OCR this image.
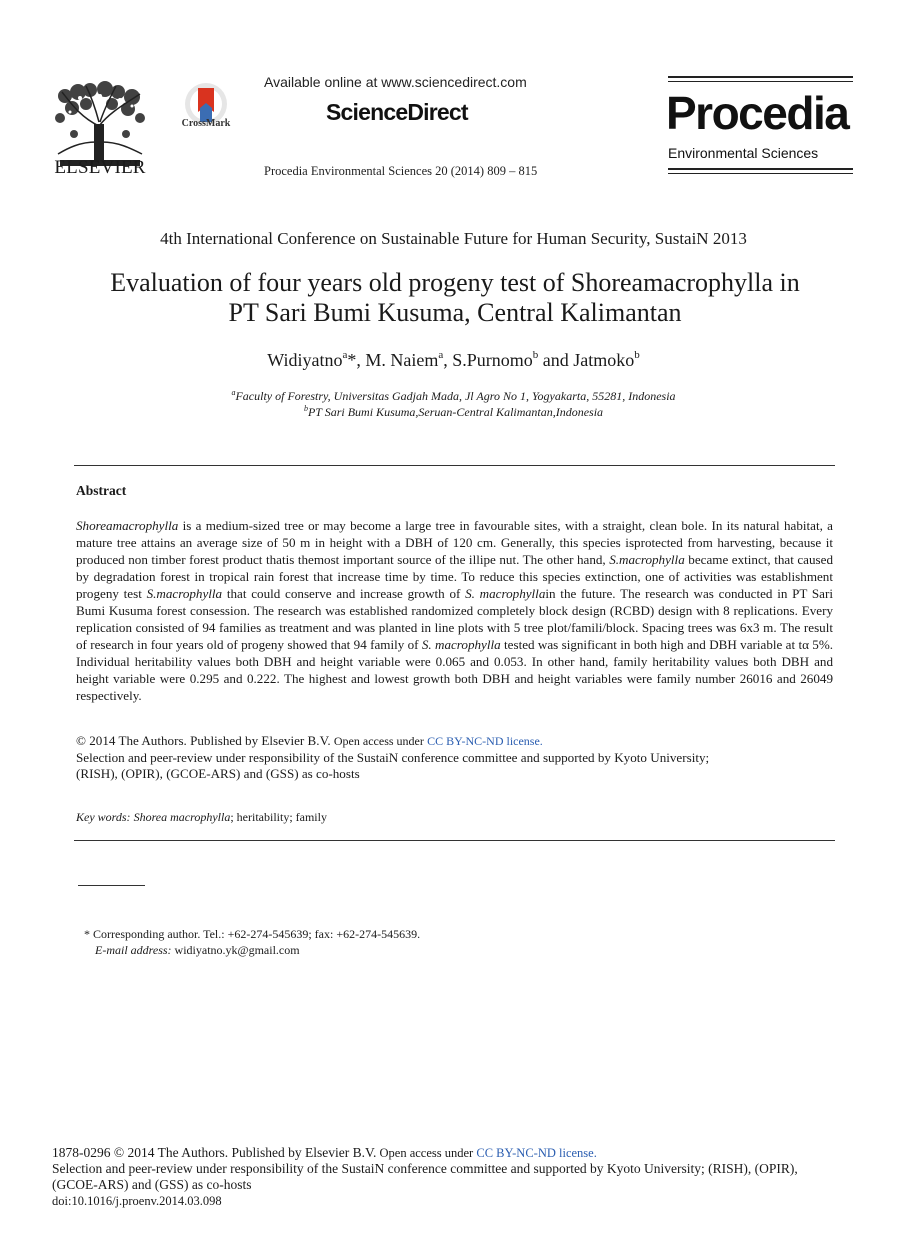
ELSEVIER
CrossMark
Available online at www.sciencedirect.com
ScienceDirect
Procedia Environmental Sciences 20 (2014) 809 – 815
Procedia
Environmental Sciences
4th International Conference on Sustainable Future for Human Security, SustaiN 2013
Evaluation of four years old progeny test of Shoreamacrophylla in
PT Sari Bumi Kusuma, Central Kalimantan
Widiyatno$^a$*, M. Naiem$^a$, S.Purnomo$^b$ and Jatmoko$^b$
$^a$Faculty of Forestry, Universitas Gadjah Mada, Jl Agro No 1, Yogyakarta, 55281, Indonesia
$^b$PT Sari Bumi Kusuma,Seruan-Central Kalimantan,Indonesia
Abstract
Shoreamacrophylla is a medium-sized tree or may become a large tree in favourable sites, with a straight, clean bole. In its natural habitat, a mature tree attains an average size of 50 m in height with a DBH of 120 cm. Generally, this species isprotected from harvesting, because it produced non timber forest product thatis themost important source of the illipe nut. The other hand, S.macrophylla became extinct, that caused by degradation forest in tropical rain forest that increase time by time. To reduce this species extinction, one of activities was establishment progeny test S.macrophylla that could conserve and increase growth of S. macrophyllain the future. The research was conducted in PT Sari Bumi Kusuma forest consession. The research was established randomized completely block design (RCBD) design with 8 replications. Every replication consisted of 94 families as treatment and was planted in line plots with 5 tree plot/famili/block. Spacing trees was 6x3 m. The result of research in four years old of progeny showed that 94 family of S. macrophylla tested was significant in both high and DBH variable at tα 5%. Individual heritability values both DBH and height variable were 0.065 and 0.053. In other hand, family heritability values both DBH and height variable were 0.295 and 0.222. The highest and lowest growth both DBH and height variables were family number 26016 and 26049 respectively.
© 2014 The Authors. Published by Elsevier B.V. Open access under CC BY-NC-ND license.
Selection and peer-review under responsibility of the SustaiN conference committee and supported by Kyoto University;
(RISH), (OPIR), (GCOE-ARS) and (GSS) as co-hosts
Key words: Shorea macrophylla; heritability; family
* Corresponding author. Tel.: +62-274-545639; fax: +62-274-545639.
E-mail address: widiyatno.yk@gmail.com
1878-0296 © 2014 The Authors. Published by Elsevier B.V. Open access under CC BY-NC-ND license.
Selection and peer-review under responsibility of the SustaiN conference committee and supported by Kyoto University; (RISH), (OPIR),
(GCOE-ARS) and (GSS) as co-hosts
doi:10.1016/j.proenv.2014.03.098
